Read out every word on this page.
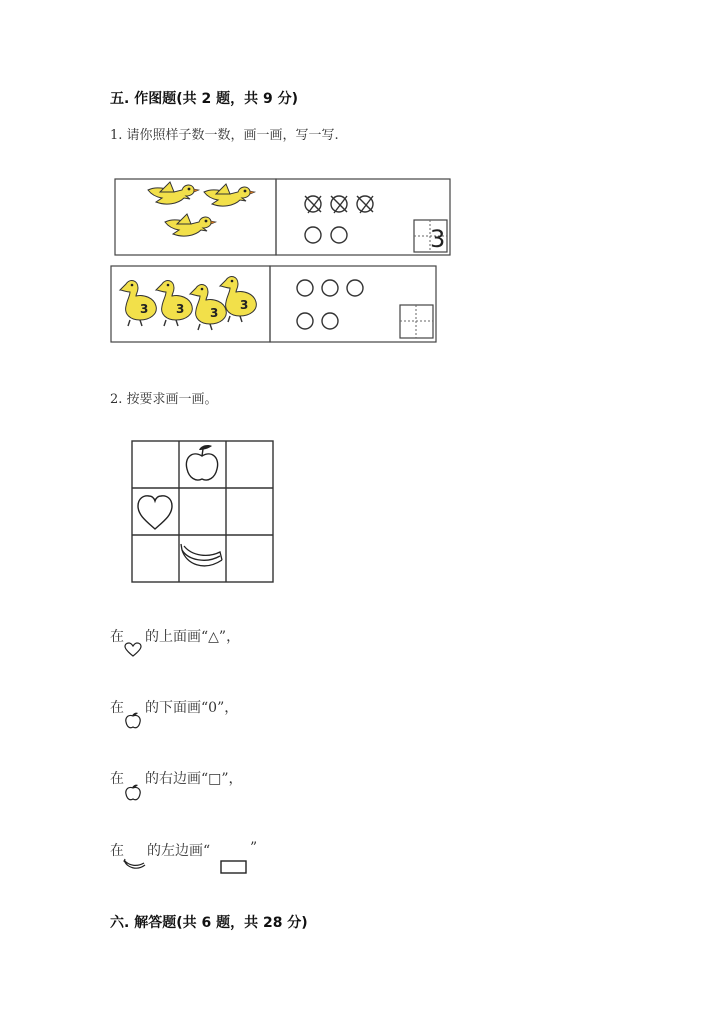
五. 作图题(共 2 题，共 9 分)
1. 请你照样子数一数，画一画，写一写.
3
3
2. 按要求画一画。
在 的上面画“△”，
在 的下面画“0”，
在 的右边画“□”，
在 的左边画“	”
六. 解答题(共 6 题，共 28 分)
